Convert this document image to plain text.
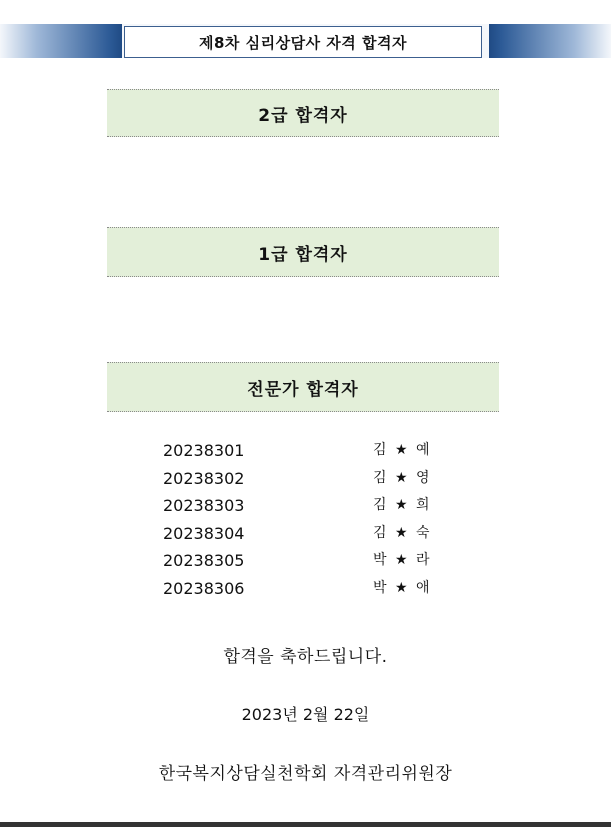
제8차 심리상담사 자격 합격자
2급 합격자
1급 합격자
전문가 합격자
20238301	김 ★ 예
20238302	김 ★ 영
20238303	김 ★ 희
20238304	김 ★ 숙
20238305	박 ★ 라
20238306	박 ★ 애
합격을 축하드립니다.
2023년 2월 22일
한국복지상담실천학회 자격관리위원장
